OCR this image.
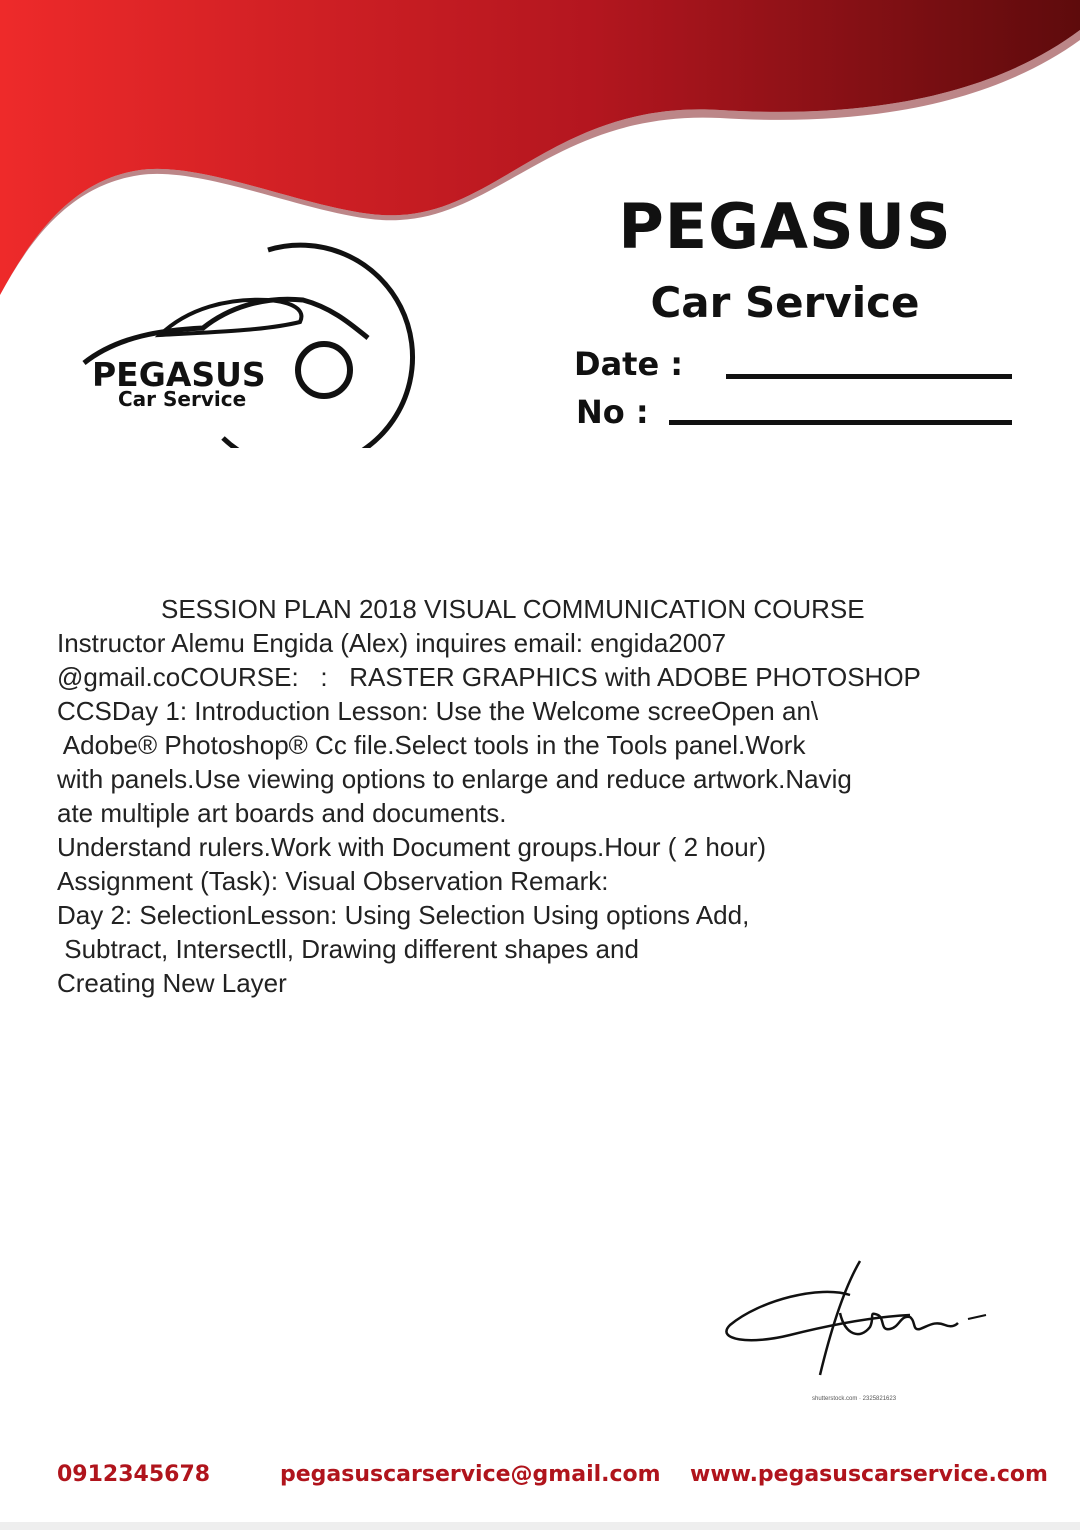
PEGASUS
Car Service
PEGASUS
Car Service
Date :
No :
SESSION PLAN 2018 VISUAL COMMUNICATION COURSE
Instructor Alemu Engida (Alex) inquires email: engida2007
@gmail.coCOURSE:   :   RASTER GRAPHICS with ADOBE PHOTOSHOP
CCSDay 1: Introduction Lesson: Use the Welcome screeOpen an\
Adobe® Photoshop® Cc file.Select tools in the Tools panel.Work
with panels.Use viewing options to enlarge and reduce artwork.Navig
ate multiple art boards and documents.
Understand rulers.Work with Document groups.Hour ( 2 hour)
Assignment (Task): Visual Observation Remark:
Day 2: SelectionLesson: Using Selection Using options Add,
Subtract, Intersectll, Drawing different shapes and
Creating New Layer
shutterstock.com · 2325821623
0912345678	pegasuscarservice@gmail.com www.pegasuscarservice.com
